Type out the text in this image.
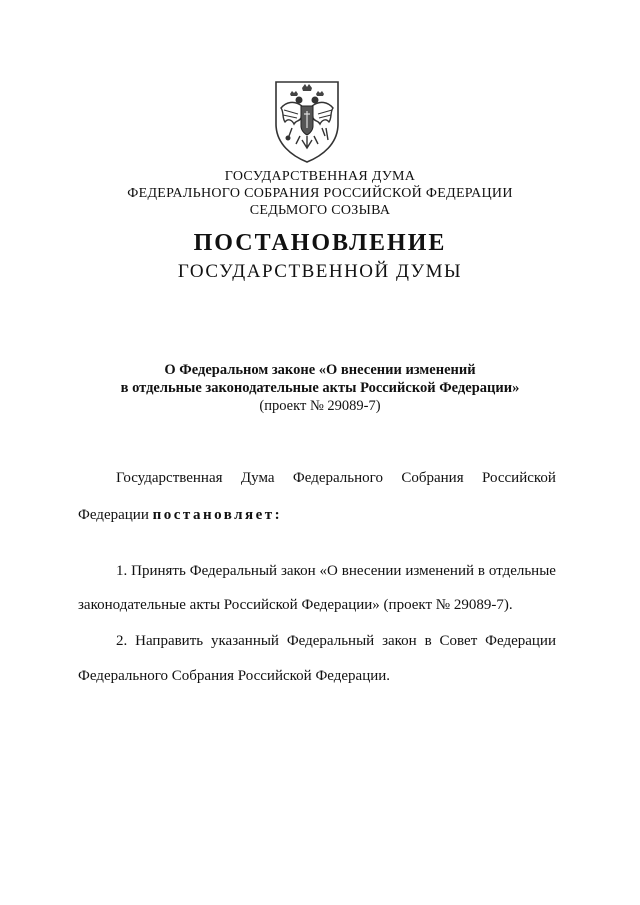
ГОСУДАРСТВЕННАЯ ДУМА
ФЕДЕРАЛЬНОГО СОБРАНИЯ РОССИЙСКОЙ ФЕДЕРАЦИИ
СЕДЬМОГО СОЗЫВА
ПОСТАНОВЛЕНИЕ
ГОСУДАРСТВЕННОЙ ДУМЫ
О Федеральном законе «О внесении изменений
в отдельные законодательные акты Российской Федерации»
(проект № 29089-7)
Государственная Дума Федерального Собрания Российской
Федерации постановляет:
1. Принять Федеральный закон «О внесении изменений в отдельные
законодательные акты Российской Федерации» (проект № 29089-7).
2. Направить указанный Федеральный закон в Совет Федерации
Федерального Собрания Российской Федерации.
